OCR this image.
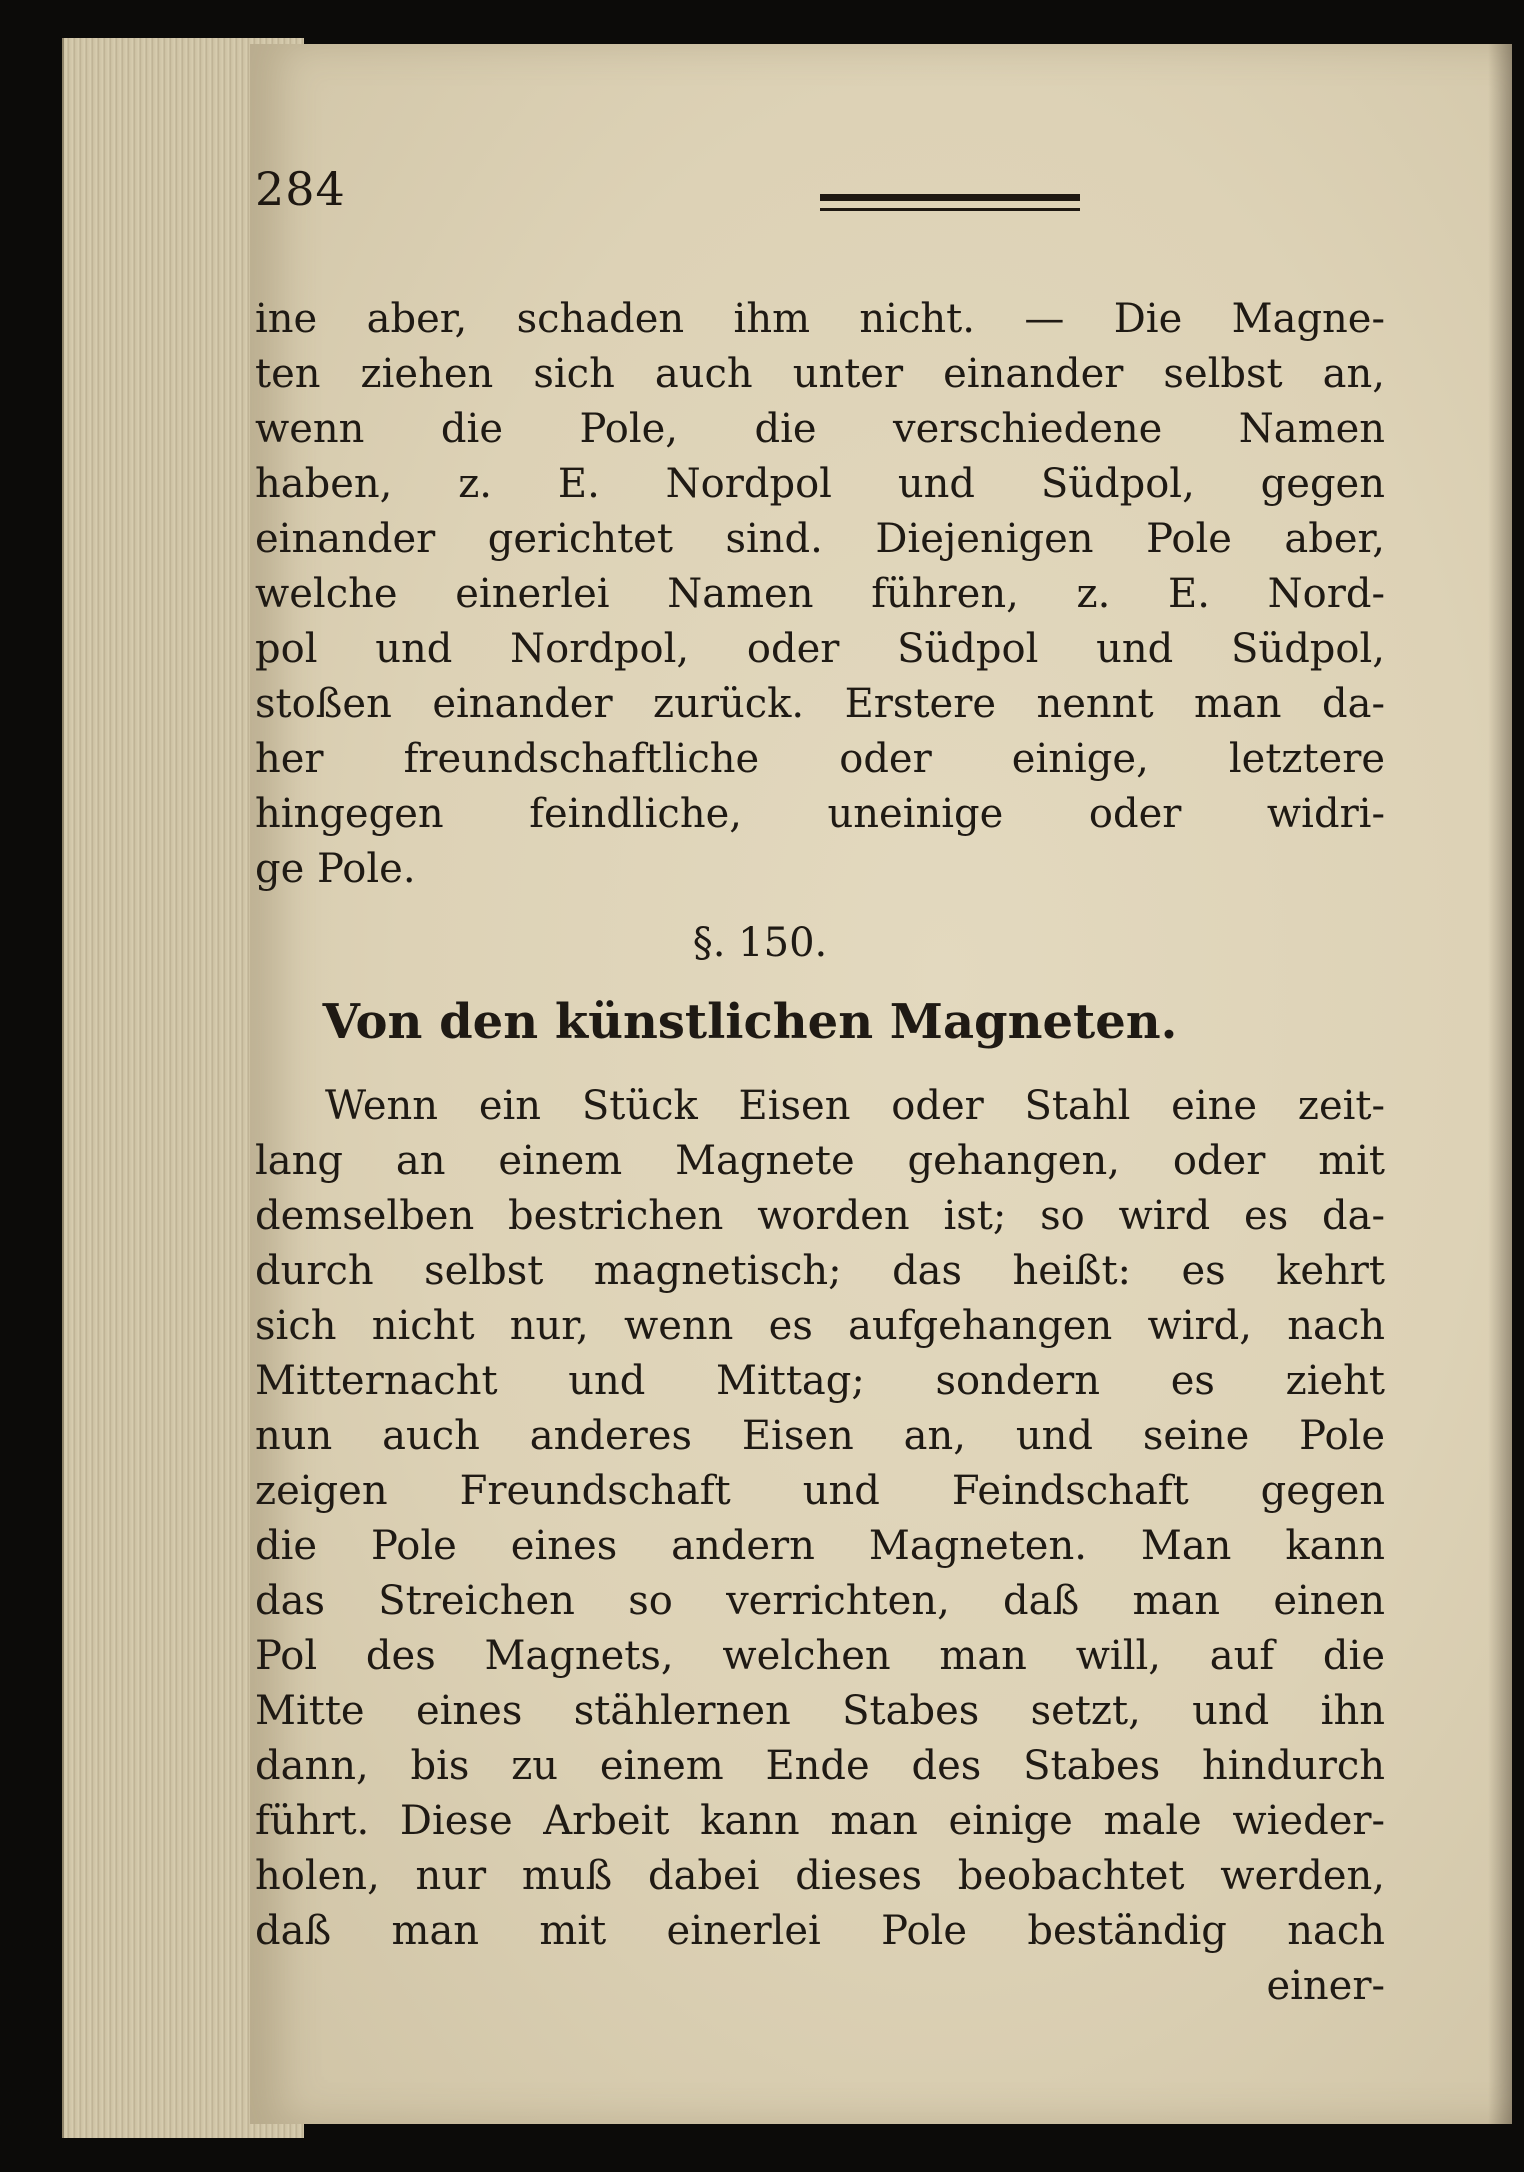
284
ine aber, schaden ihm nicht. — Die Magne-
ten ziehen sich auch unter einander selbst an,
wenn die Pole, die verschiedene Namen
haben, z. E. Nordpol und Südpol, gegen
einander gerichtet sind. Diejenigen Pole aber,
welche einerlei Namen führen, z. E. Nord-
pol und Nordpol, oder Südpol und Südpol,
stoßen einander zurück. Erstere nennt man da-
her freundschaftliche oder einige, letztere
hingegen feindliche, uneinige oder widri-
ge Pole.
§. 150.
Von den künstlichen Magneten.
Wenn ein Stück Eisen oder Stahl eine zeit-
lang an einem Magnete gehangen, oder mit
demselben bestrichen worden ist; so wird es da-
durch selbst magnetisch; das heißt: es kehrt
sich nicht nur, wenn es aufgehangen wird, nach
Mitternacht und Mittag; sondern es zieht
nun auch anderes Eisen an, und seine Pole
zeigen Freundschaft und Feindschaft gegen
die Pole eines andern Magneten. Man kann
das Streichen so verrichten, daß man einen
Pol des Magnets, welchen man will, auf die
Mitte eines stählernen Stabes setzt, und ihn
dann, bis zu einem Ende des Stabes hindurch
führt. Diese Arbeit kann man einige male wieder-
holen, nur muß dabei dieses beobachtet werden,
daß man mit einerlei Pole beständig nach
einer-
